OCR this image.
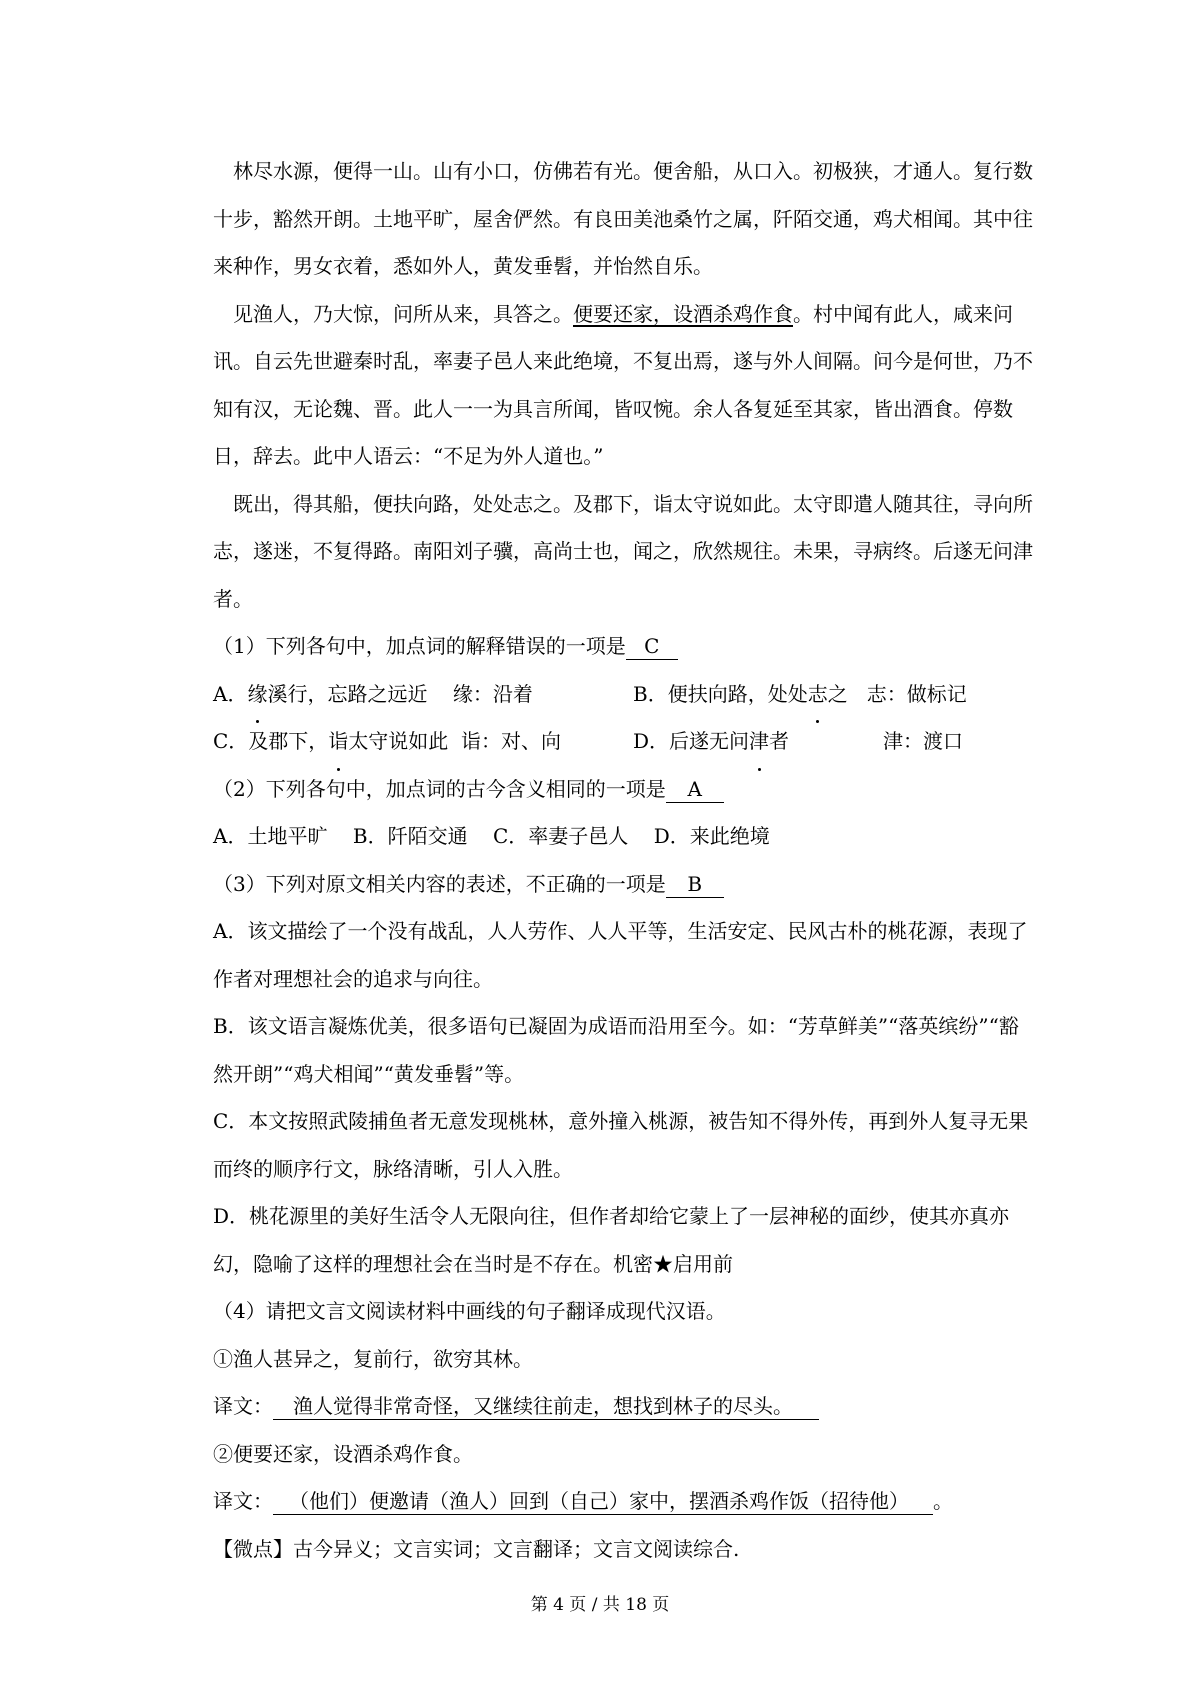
林尽水源，便得一山。山有小口，仿佛若有光。便舍船，从口入。初极狭，才通人。复行数十步，豁然开朗。土地平旷，屋舍俨然。有良田美池桑竹之属，阡陌交通，鸡犬相闻。其中往来种作，男女衣着，悉如外人，黄发垂髫，并怡然自乐。

见渔人，乃大惊，问所从来，具答之。便要还家，设酒杀鸡作食。村中闻有此人，咸来问讯。自云先世避秦时乱，率妻子邑人来此绝境，不复出焉，遂与外人间隔。问今是何世，乃不知有汉，无论魏、晋。此人一一为具言所闻，皆叹惋。余人各复延至其家，皆出酒食。停数日，辞去。此中人语云：“不足为外人道也。”

既出，得其船，便扶向路，处处志之。及郡下，诣太守说如此。太守即遣人随其往，寻向所志，遂迷，不复得路。南阳刘子骥，高尚士也，闻之，欣然规往。未果，寻病终。后遂无问津者。

（1）下列各句中，加点词的解释错误的一项是 C
A．缘溪行，忘路之远近 缘：沿着	B．便扶向路，处处志之 志：做标记
C．及郡下，诣太守说如此 诣：对、向	D．后遂无问津者	津：渡口
（2）下列各句中，加点词的古今含义相同的一项是 A
A．土地平旷    B．阡陌交通    C．率妻子邑人    D．来此绝境
（3）下列对原文相关内容的表述，不正确的一项是 B

A．该文描绘了一个没有战乱，人人劳作、人人平等，生活安定、民风古朴的桃花源，表现了作者对理想社会的追求与向往。

B．该文语言凝炼优美，很多语句已凝固为成语而沿用至今。如：“芳草鲜美”“落英缤纷”“豁然开朗”“鸡犬相闻”“黄发垂髫”等。

C．本文按照武陵捕鱼者无意发现桃林，意外撞入桃源，被告知不得外传，再到外人复寻无果而终的顺序行文，脉络清晰，引人入胜。

D．桃花源里的美好生活令人无限向往，但作者却给它蒙上了一层神秘的面纱，使其亦真亦幻，隐喻了这样的理想社会在当时是不存在。机密★启用前

（4）请把文言文阅读材料中画线的句子翻译成现代汉语。
①渔人甚异之，复前行，欲穷其林。
译文： 渔人觉得非常奇怪，又继续往前走，想找到林子的尽头。
②便要还家，设酒杀鸡作食。
译文： （他们）便邀请（渔人）回到（自己）家中，摆酒杀鸡作饭（招待他） 。
【微点】古今异义；文言实词；文言翻译；文言文阅读综合.
第 4 页 / 共 18 页
